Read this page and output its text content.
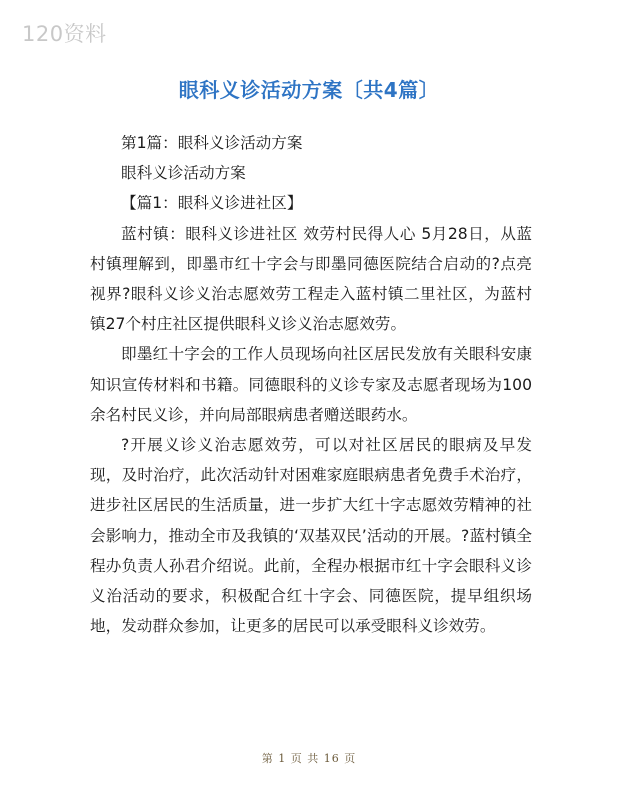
120资料
眼科义诊活动方案〔共4篇〕

第1篇：眼科义诊活动方案

眼科义诊活动方案

【篇1：眼科义诊进社区】

蓝村镇：眼科义诊进社区 效劳村民得人心 5月28日，从蓝村镇理解到，即墨市红十字会与即墨同德医院结合启动的?点亮视界?眼科义诊义治志愿效劳工程走入蓝村镇二里社区，为蓝村镇27个村庄社区提供眼科义诊义治志愿效劳。

即墨红十字会的工作人员现场向社区居民发放有关眼科安康知识宣传材料和书籍。同德眼科的义诊专家及志愿者现场为100余名村民义诊，并向局部眼病患者赠送眼药水。

?开展义诊义治志愿效劳，可以对社区居民的眼病及早发现，及时治疗，此次活动针对困难家庭眼病患者免费手术治疗，进步社区居民的生活质量，进一步扩大红十字志愿效劳精神的社会影响力，推动全市及我镇的‘双基双民’活动的开展。?蓝村镇全程办负责人孙君介绍说。此前，全程办根据市红十字会眼科义诊义治活动的要求，积极配合红十字会、同德医院，提早组织场地，发动群众参加，让更多的居民可以承受眼科义诊效劳。

第 1 页 共 16 页
